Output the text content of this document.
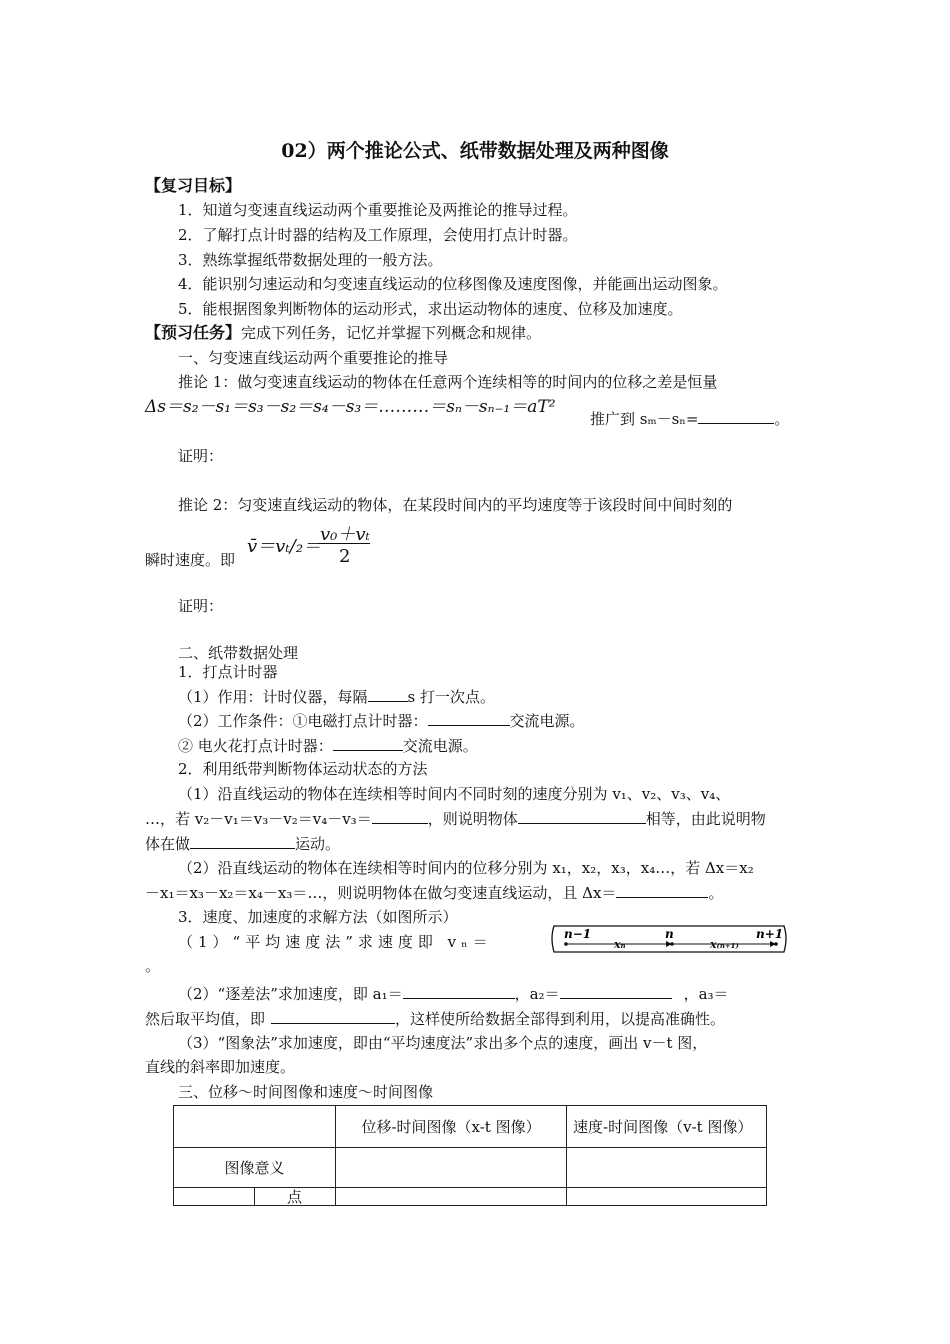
02）两个推论公式、纸带数据处理及两种图像
【复习目标】
1．知道匀变速直线运动两个重要推论及两推论的推导过程。
2．了解打点计时器的结构及工作原理，会使用打点计时器。
3．熟练掌握纸带数据处理的一般方法。
4．能识别匀速运动和匀变速直线运动的位移图像及速度图像，并能画出运动图象。
5．能根据图象判断物体的运动形式，求出运动物体的速度、位移及加速度。
【预习任务】完成下列任务，记忆并掌握下列概念和规律。
一、匀变速直线运动两个重要推论的推导
推论 1：做匀变速直线运动的物体在任意两个连续相等的时间内的位移之差是恒量
Δs＝s₂－s₁＝s₃－s₂＝s₄－s₃＝………＝sₙ－sₙ₋₁＝aT²
推广到 sₘ－sₙ=	。
证明：
推论 2：匀变速直线运动的物体，在某段时间内的平均速度等于该段时间中间时刻的
瞬时速度。即
v̄＝vₜ/₂＝
v₀＋vₜ
2
证明：
二、纸带数据处理
1．打点计时器
（1）作用：计时仪器，每隔	s 打一次点。
（2）工作条件：①电磁打点计时器：	交流电源。
② 电火花打点计时器：	交流电源。
2．利用纸带判断物体运动状态的方法
（1）沿直线运动的物体在连续相等时间内不同时刻的速度分别为 v₁、v₂、v₃、v₄、
…，若 v₂－v₁＝v₃－v₂＝v₄－v₃＝	，则说明物体	相等，由此说明物
体在做	运动。
（2）沿直线运动的物体在连续相等时间内的位移分别为 x₁，x₂，x₃，x₄…，若 Δx＝x₂
－x₁＝x₃－x₂＝x₄－x₃＝…，则说明物体在做匀变速直线运动，且 Δx＝	。
3．速度、加速度的求解方法（如图所示）
（1）“平均速度法”求速度即 vₙ＝
。
n−1	n	n+1
xₙ	x₍ₙ₊₁₎
（2）“逐差法”求加速度，即 a₁＝	，a₂＝	，a₃＝
然后取平均值，即	，这样使所给数据全部得到利用，以提高准确性。
（3）“图象法”求加速度，即由“平均速度法”求出多个点的速度，画出 v－t 图，
直线的斜率即加速度。
三、位移～时间图像和速度～时间图像
		位移-时间图像（x-t 图像）	速度-时间图像（v-t 图像）
图像意义			
	点		
